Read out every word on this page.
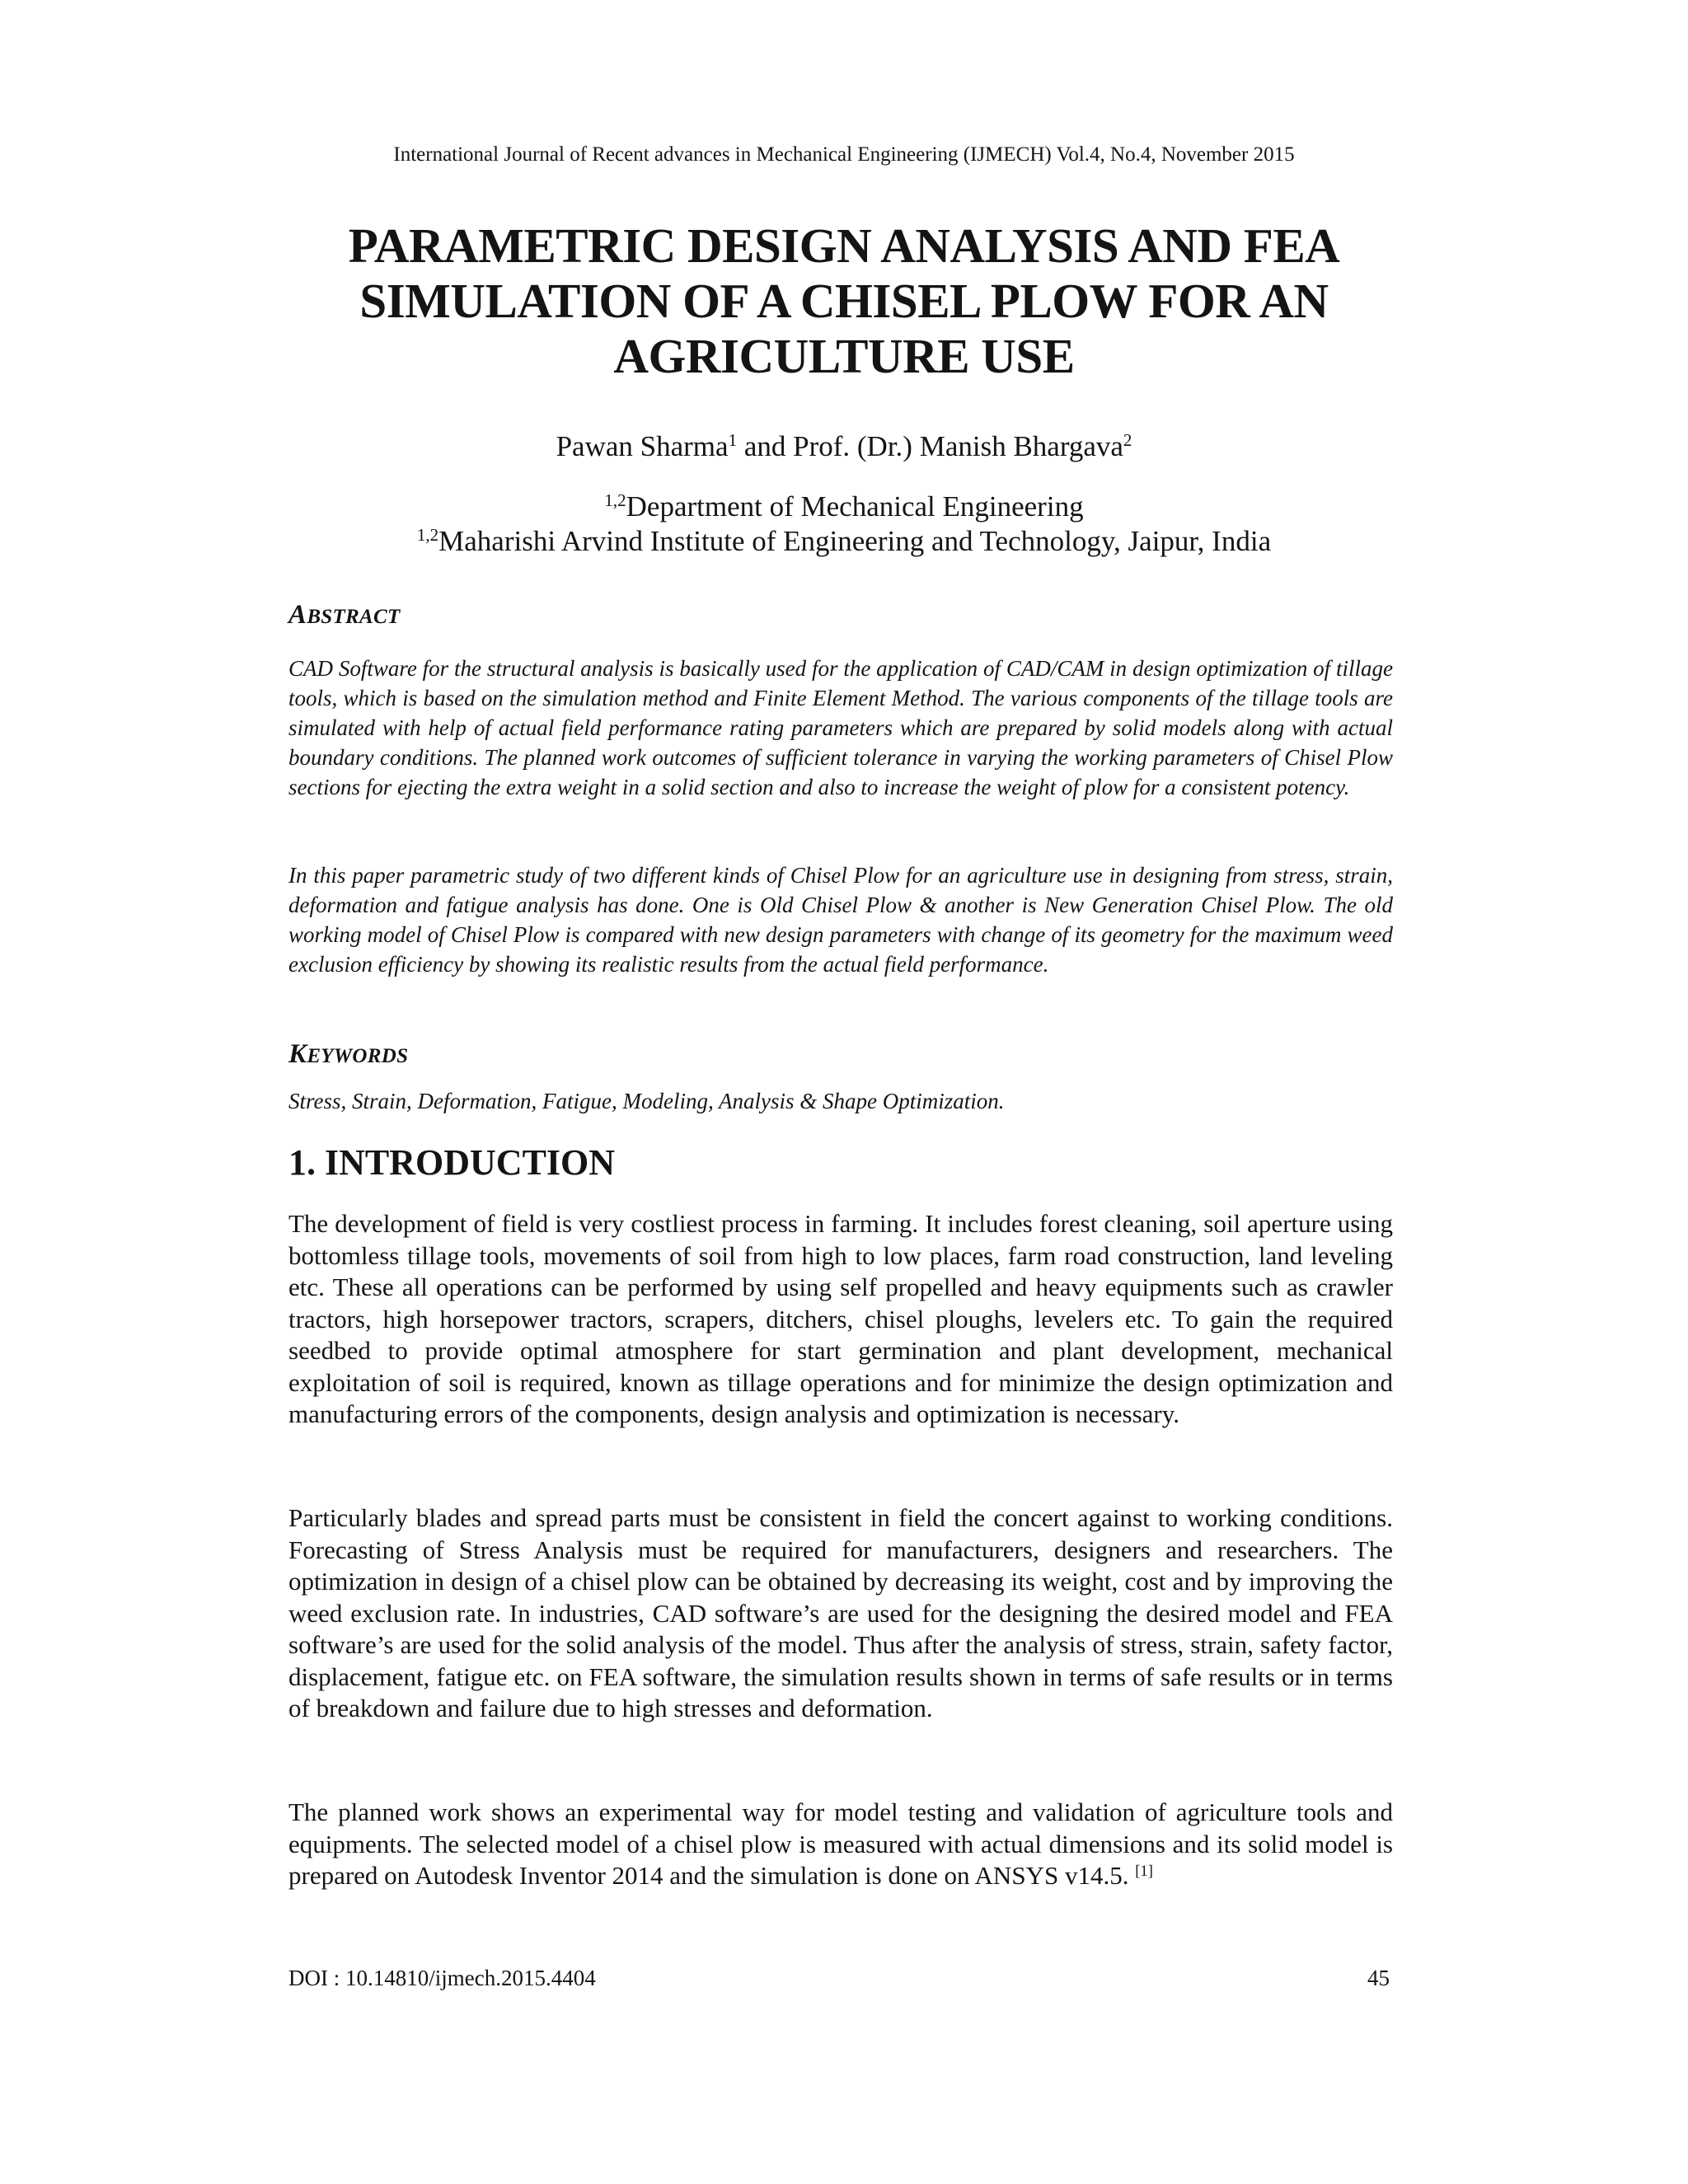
International Journal of Recent advances in Mechanical Engineering (IJMECH) Vol.4, No.4, November 2015
PARAMETRIC DESIGN ANALYSIS AND FEA SIMULATION OF A CHISEL PLOW FOR AN AGRICULTURE USE
Pawan Sharma$^1$ and Prof. (Dr.) Manish Bhargava$^2$
$^{1,2}$Department of Mechanical Engineering
$^{1,2}$Maharishi Arvind Institute of Engineering and Technology, Jaipur, India
ABSTRACT

CAD Software for the structural analysis is basically used for the application of CAD/CAM in design optimization of tillage tools, which is based on the simulation method and Finite Element Method. The various components of the tillage tools are simulated with help of actual field performance rating parameters which are prepared by solid models along with actual boundary conditions. The planned work outcomes of sufficient tolerance in varying the working parameters of Chisel Plow sections for ejecting the extra weight in a solid section and also to increase the weight of plow for a consistent potency.

In this paper parametric study of two different kinds of Chisel Plow for an agriculture use in designing from stress, strain, deformation and fatigue analysis has done. One is Old Chisel Plow & another is New Generation Chisel Plow. The old working model of Chisel Plow is compared with new design parameters with change of its geometry for the maximum weed exclusion efficiency by showing its realistic results from the actual field performance.

KEYWORDS

Stress, Strain, Deformation, Fatigue, Modeling, Analysis & Shape Optimization.

1. INTRODUCTION

The development of field is very costliest process in farming. It includes forest cleaning, soil aperture using bottomless tillage tools, movements of soil from high to low places, farm road construction, land leveling etc. These all operations can be performed by using self propelled and heavy equipments such as crawler tractors, high horsepower tractors, scrapers, ditchers, chisel ploughs, levelers etc. To gain the required seedbed to provide optimal atmosphere for start germination and plant development, mechanical exploitation of soil is required, known as tillage operations and for minimize the design optimization and manufacturing errors of the components, design analysis and optimization is necessary.

Particularly blades and spread parts must be consistent in field the concert against to working conditions. Forecasting of Stress Analysis must be required for manufacturers, designers and researchers. The optimization in design of a chisel plow can be obtained by decreasing its weight, cost and by improving the weed exclusion rate. In industries, CAD software’s are used for the designing the desired model and FEA software’s are used for the solid analysis of the model. Thus after the analysis of stress, strain, safety factor, displacement, fatigue etc. on FEA software, the simulation results shown in terms of safe results or in terms of breakdown and failure due to high stresses and deformation.

The planned work shows an experimental way for model testing and validation of agriculture tools and equipments. The selected model of a chisel plow is measured with actual dimensions and its solid model is prepared on Autodesk Inventor 2014 and the simulation is done on ANSYS v14.5. [1]

DOI : 10.14810/ijmech.2015.4404	45
